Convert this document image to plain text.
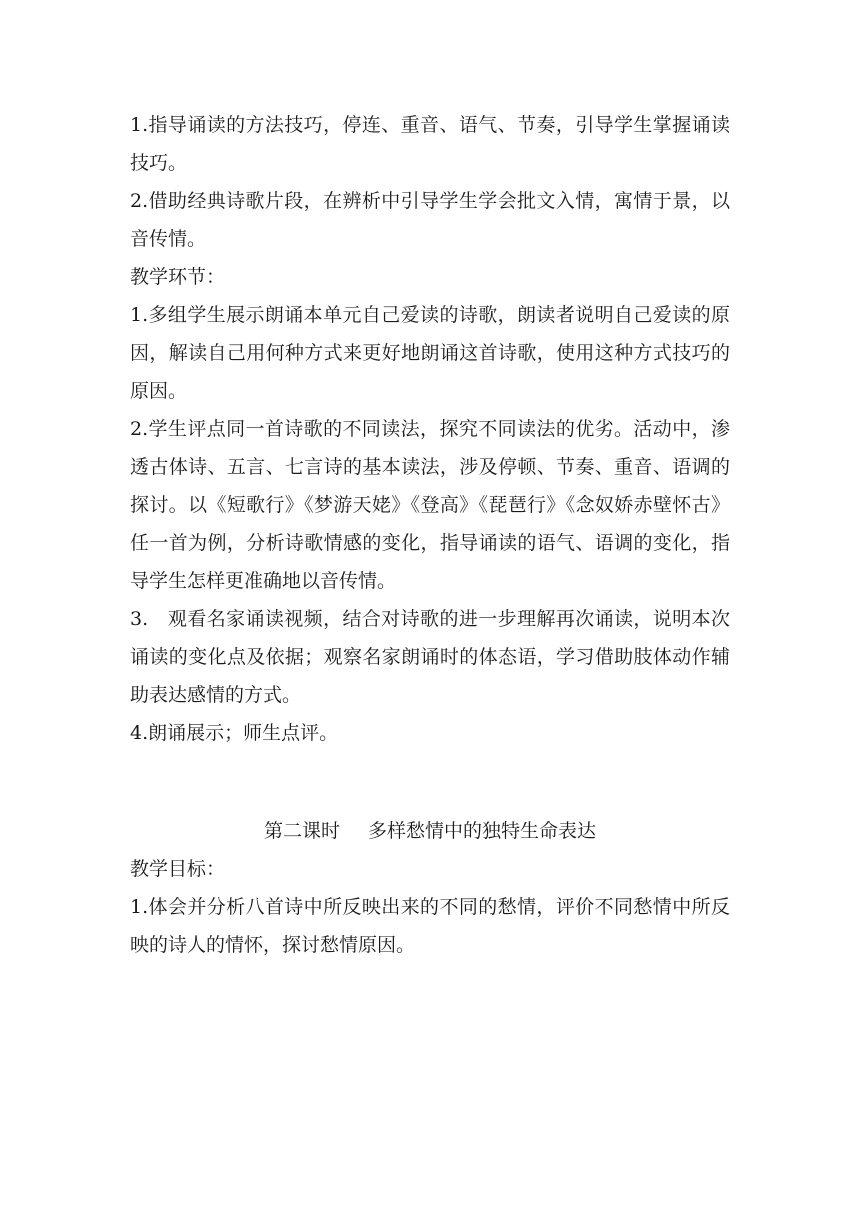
1.指导诵读的方法技巧，停连、重音、语气、节奏，引导学生掌握诵读技巧。

2.借助经典诗歌片段，在辨析中引导学生学会批文入情，寓情于景，以音传情。

教学环节：

1.多组学生展示朗诵本单元自己爱读的诗歌，朗读者说明自己爱读的原因，解读自己用何种方式来更好地朗诵这首诗歌，使用这种方式技巧的原因。

2.学生评点同一首诗歌的不同读法，探究不同读法的优劣。活动中，渗透古体诗、五言、七言诗的基本读法，涉及停顿、节奏、重音、语调的探讨。以《短歌行》《梦游天姥》《登高》《琵琶行》《念奴娇赤壁怀古》任一首为例，分析诗歌情感的变化，指导诵读的语气、语调的变化，指导学生怎样更准确地以音传情。

3.　观看名家诵读视频，结合对诗歌的进一步理解再次诵读，说明本次诵读的变化点及依据；观察名家朗诵时的体态语，学习借助肢体动作辅助表达感情的方式。

4.朗诵展示；师生点评。

第二课时 多样愁情中的独特生命表达

教学目标：

1.体会并分析八首诗中所反映出来的不同的愁情，评价不同愁情中所反映的诗人的情怀，探讨愁情原因。
